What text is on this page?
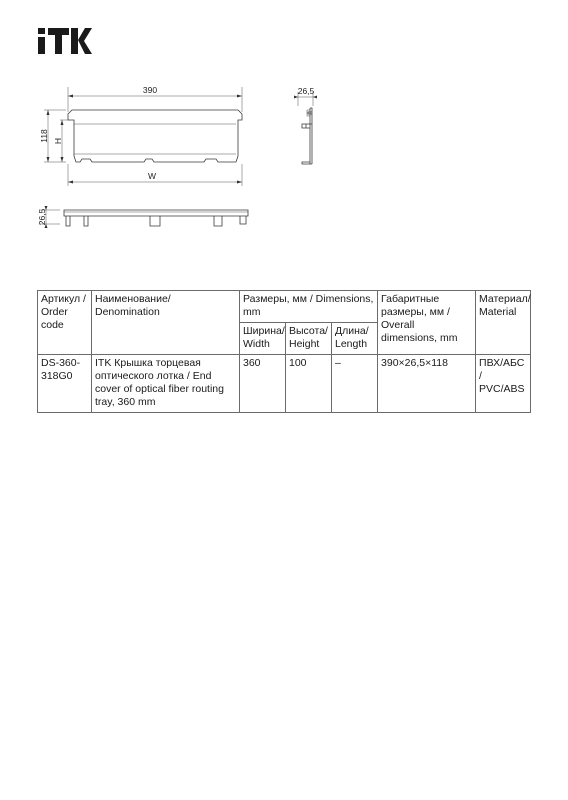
390
118 H
W
26,5
26,5
Артикул / Order code	Наименование/ Denomination	Размеры, мм / Dimensions, mm			Габаритные размеры, мм / Overall dimensions, mm	Материал/ Material
		Ширина/ Width	Высота/ Height	Длина/ Length		
DS-360-318G0	ITK Крышка торцевая оптического лотка / End cover of optical fiber routing tray, 360 mm	360	100	–	390×26,5×118	ПВХ/АБС / PVC/ABS
